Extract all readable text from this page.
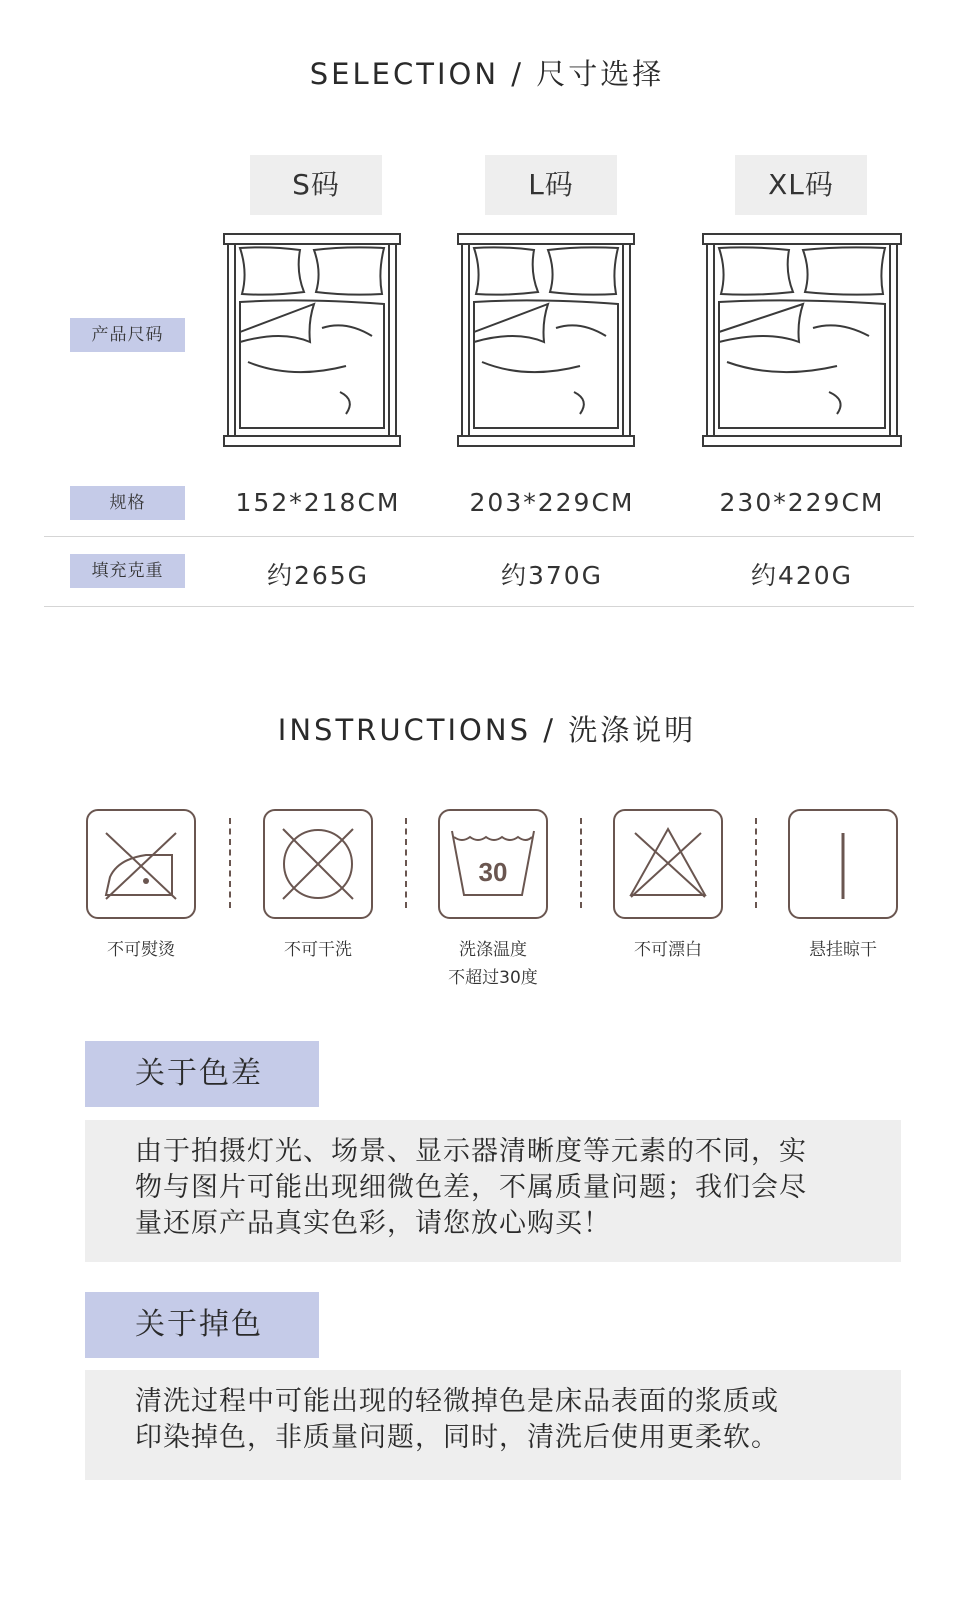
SELECTION / 尺寸选择
S码	L码	XL码
产品尺码
规格	152*218CM	203*229CM	230*229CM
填充克重	约265G	约370G	约420G
INSTRUCTIONS / 洗涤说明
30
不可熨烫	不可干洗	洗涤温度
不超过30度
不可漂白	悬挂晾干
关于色差
由于拍摄灯光、场景、显示器清晰度等元素的不同，实
物与图片可能出现细微色差，不属质量问题；我们会尽
量还原产品真实色彩，请您放心购买！
关于掉色
清洗过程中可能出现的轻微掉色是床品表面的浆质或
印染掉色，非质量问题，同时，清洗后使用更柔软。
